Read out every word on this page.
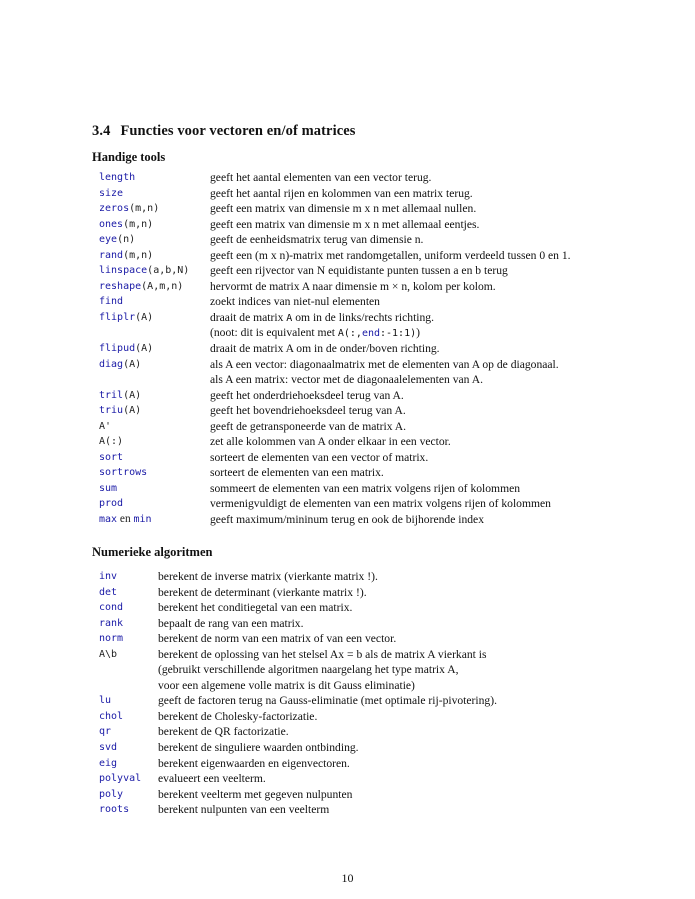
3.4 Functies voor vectoren en/of matrices
Handige tools
length	geeft het aantal elementen van een vector terug.
size	geeft het aantal rijen en kolommen van een matrix terug.
zeros(m,n)	geeft een matrix van dimensie m x n met allemaal nullen.
ones(m,n)	geeft een matrix van dimensie m x n met allemaal eentjes.
eye(n)	geeft de eenheidsmatrix terug van dimensie n.
rand(m,n)	geeft een (m x n)-matrix met randomgetallen, uniform verdeeld tussen 0 en 1.
linspace(a,b,N) geeft een rijvector van N equidistante punten tussen a en b terug
reshape(A,m,n) hervormt de matrix A naar dimensie m × n, kolom per kolom.
find	zoekt indices van niet-nul elementen
fliplr(A)	draait de matrix A om in de links/rechts richting.
(noot: dit is equivalent met A(:,end:-1:1))
flipud(A)	draait de matrix A om in de onder/boven richting.
diag(A)	als A een vector: diagonaalmatrix met de elementen van A op de diagonaal.
als A een matrix: vector met de diagonaalelementen van A.
tril(A)	geeft het onderdriehoeksdeel terug van A.
triu(A)	geeft het bovendriehoeksdeel terug van A.
A'	geeft de getransponeerde van de matrix A.
A(:)	zet alle kolommen van A onder elkaar in een vector.
sort	sorteert de elementen van een vector of matrix.
sortrows	sorteert de elementen van een matrix.
sum	sommeert de elementen van een matrix volgens rijen of kolommen
prod	vermenigvuldigt de elementen van een matrix volgens rijen of kolommen
max en min	geeft maximum/mininum terug en ook de bijhorende index
Numerieke algoritmen
inv	berekent de inverse matrix (vierkante matrix !).
det	berekent de determinant (vierkante matrix !).
cond	berekent het conditiegetal van een matrix.
rank	bepaalt de rang van een matrix.
norm	berekent de norm van een matrix of van een vector.
A\b	berekent de oplossing van het stelsel Ax = b als de matrix A vierkant is
(gebruikt verschillende algoritmen naargelang het type matrix A,
voor een algemene volle matrix is dit Gauss eliminatie)
lu	geeft de factoren terug na Gauss-eliminatie (met optimale rij-pivotering).
chol	berekent de Cholesky-factorizatie.
qr	berekent de QR factorizatie.
svd	berekent de singuliere waarden ontbinding.
eig	berekent eigenwaarden en eigenvectoren.
polyval evalueert een veelterm.
poly	berekent veelterm met gegeven nulpunten
roots berekent nulpunten van een veelterm
10
